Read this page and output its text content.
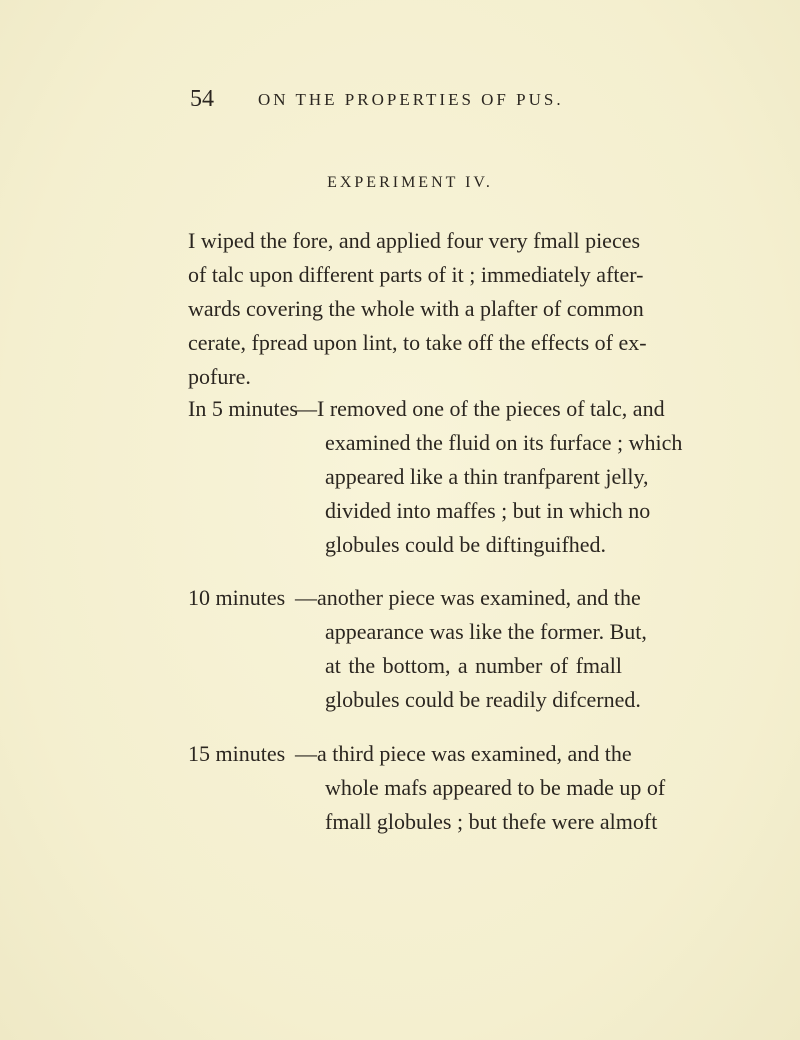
54	ON THE PROPERTIES OF PUS.
EXPERIMENT IV.
I wiped the fore, and applied four very fmall pieces
of talc upon different parts of it ; immediately after-
wards covering the whole with a plafter of common
cerate, fpread upon lint, to take off the effects of ex-
pofure.
In 5 minutes
—I removed one of the pieces of talc, and
examined the fluid on its furface ; which
appeared like a thin tranfparent jelly,
divided into maffes ; but in which no
globules could be diftinguifhed.
10 minutes —another piece was examined, and the
appearance was like the former. But,
at the bottom, a number of fmall
globules could be readily difcerned.
15 minutes —a third piece was examined, and the
whole mafs appeared to be made up of
fmall globules ; but thefe were almoft
